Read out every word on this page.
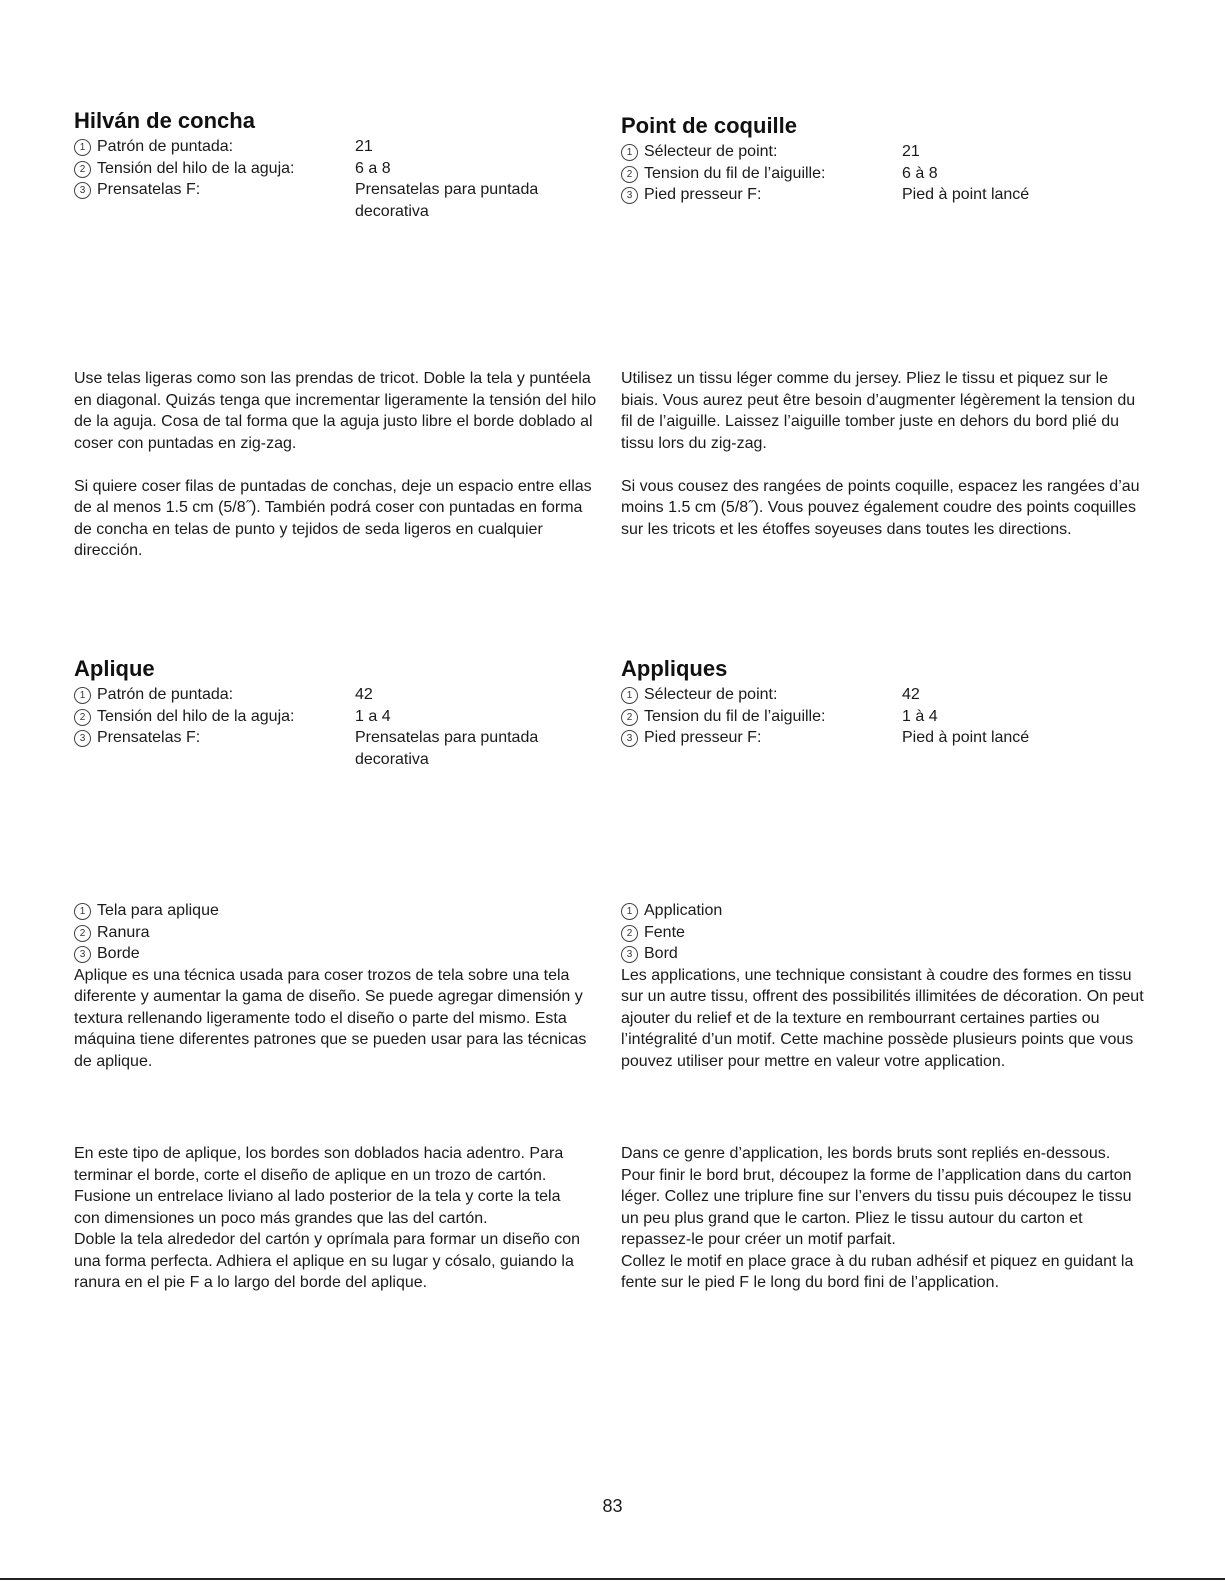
Hilván de concha
1 Patrón de puntada:	21
2 Tensión del hilo de la aguja:	6 a 8
3 Prensatelas F:	Prensatelas para puntada decorativa

Use telas ligeras como son las prendas de tricot. Doble la tela y puntéela en diagonal. Quizás tenga que incrementar ligeramente la tensión del hilo de la aguja. Cosa de tal forma que la aguja justo libre el borde doblado al coser con puntadas en zig-zag.

Si quiere coser filas de puntadas de conchas, deje un espacio entre ellas de al menos 1.5 cm (5/8˝). También podrá coser con puntadas en forma de concha en telas de punto y tejidos de seda ligeros en cualquier dirección.

Aplique
1 Patrón de puntada:	42
2 Tensión del hilo de la aguja:	1 a 4
3 Prensatelas F:	Prensatelas para puntada decorativa
1 Tela para aplique
2 Ranura
3 Borde

Aplique es una técnica usada para coser trozos de tela sobre una tela diferente y aumentar la gama de diseño. Se puede agregar dimensión y textura rellenando ligeramente todo el diseño o parte del mismo. Esta máquina tiene diferentes patrones que se pueden usar para las técnicas de aplique.

En este tipo de aplique, los bordes son doblados hacia adentro. Para terminar el borde, corte el diseño de aplique en un trozo de cartón. Fusione un entrelace liviano al lado posterior de la tela y corte la tela con dimensiones un poco más grandes que las del cartón.

Doble la tela alrededor del cartón y oprímala para formar un diseño con una forma perfecta. Adhiera el aplique en su lugar y cósalo, guiando la ranura en el pie F a lo largo del borde del aplique.

Point de coquille
1 Sélecteur de point:	21
2 Tension du fil de l’aiguille:	6 à 8
3 Pied presseur F:	Pied à point lancé

Utilisez un tissu léger comme du jersey. Pliez le tissu et piquez sur le biais. Vous aurez peut être besoin d’augmenter légèrement la tension du fil de l’aiguille. Laissez l’aiguille tomber juste en dehors du bord plié du tissu lors du zig-zag.

Si vous cousez des rangées de points coquille, espacez les rangées d’au moins 1.5 cm (5/8˝). Vous pouvez également coudre des points coquilles sur les tricots et les étoffes soyeuses dans toutes les directions.

Appliques
1 Sélecteur de point:	42
2 Tension du fil de l’aiguille:	1 à 4
3 Pied presseur F:	Pied à point lancé
1 Application
2 Fente
3 Bord

Les applications, une technique consistant à coudre des formes en tissu sur un autre tissu, offrent des possibilités illimitées de décoration. On peut ajouter du relief et de la texture en rembourrant certaines parties ou l’intégralité d’un motif. Cette machine possède plusieurs points que vous pouvez utiliser pour mettre en valeur votre application.

Dans ce genre d’application, les bords bruts sont repliés en-dessous. Pour finir le bord brut, découpez la forme de l’application dans du carton léger. Collez une triplure fine sur l’envers du tissu puis découpez le tissu un peu plus grand que le carton. Pliez le tissu autour du carton et repassez-le pour créer un motif parfait.

Collez le motif en place grace à du ruban adhésif et piquez en guidant la fente sur le pied F le long du bord fini de l’application.

83
